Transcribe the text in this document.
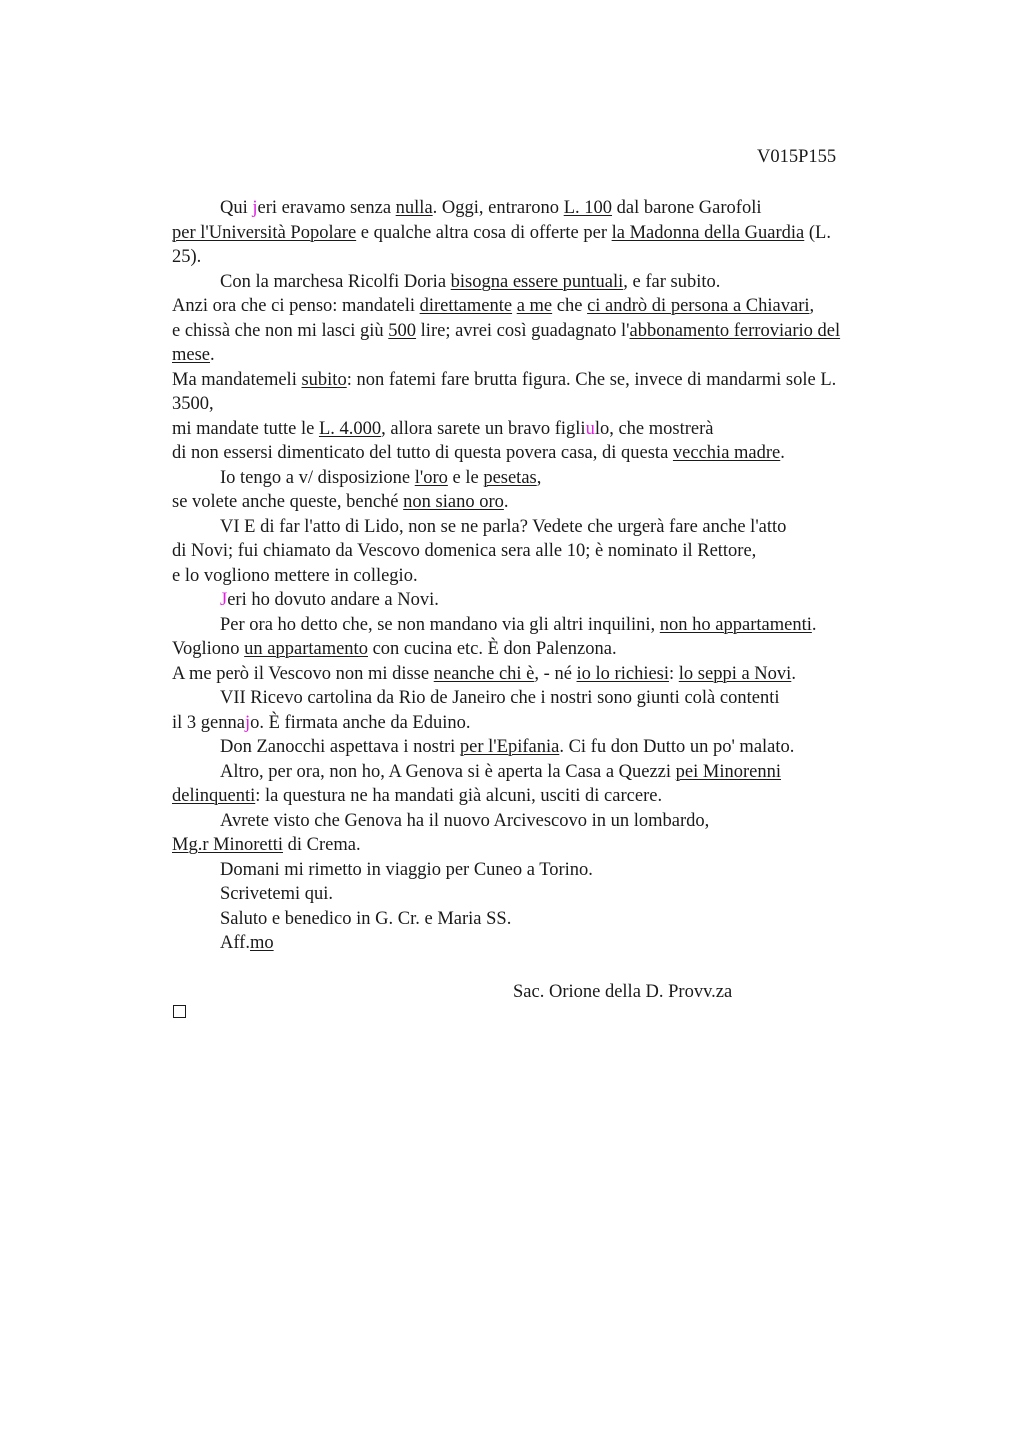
V015P155
Qui jeri eravamo senza nulla. Oggi, entrarono L. 100 dal barone Garofoli
per l'Università Popolare e qualche altra cosa di offerte per la Madonna della Guardia (L.
25).
Con la marchesa Ricolfi Doria bisogna essere puntuali, e far subito.
Anzi ora che ci penso: mandateli direttamente a me che ci andrò di persona a Chiavari,
e chissà che non mi lasci giù 500 lire; avrei così guadagnato l'abbonamento ferroviario del
mese.
Ma mandatemeli subito: non fatemi fare brutta figura. Che se, invece di mandarmi sole L.
3500,
mi mandate tutte le L. 4.000, allora sarete un bravo figliulo, che mostrerà
di non essersi dimenticato del tutto di questa povera casa, di questa vecchia madre.
Io tengo a v/ disposizione l'oro e le pesetas,
se volete anche queste, benché non siano oro.
VI E di far l'atto di Lido, non se ne parla? Vedete che urgerà fare anche l'atto
di Novi; fui chiamato da Vescovo domenica sera alle 10; è nominato il Rettore,
e lo vogliono mettere in collegio.
Jeri ho dovuto andare a Novi.
Per ora ho detto che, se non mandano via gli altri inquilini, non ho appartamenti.
Vogliono un appartamento con cucina etc. È don Palenzona.
A me però il Vescovo non mi disse neanche chi è, - né io lo richiesi: lo seppi a Novi.
VII Ricevo cartolina da Rio de Janeiro che i nostri sono giunti colà contenti
il 3 gennajo. È firmata anche da Eduino.
Don Zanocchi aspettava i nostri per l'Epifania. Ci fu don Dutto un po' malato.
Altro, per ora, non ho, A Genova si è aperta la Casa a Quezzi pei Minorenni
delinquenti: la questura ne ha mandati già alcuni, usciti di carcere.
Avrete visto che Genova ha il nuovo Arcivescovo in un lombardo,
Mg.r Minoretti di Crema.
Domani mi rimetto in viaggio per Cuneo a Torino.
Scrivetemi qui.
Saluto e benedico in G. Cr. e Maria SS.
Aff.mo
Sac. Orione della D. Provv.za
